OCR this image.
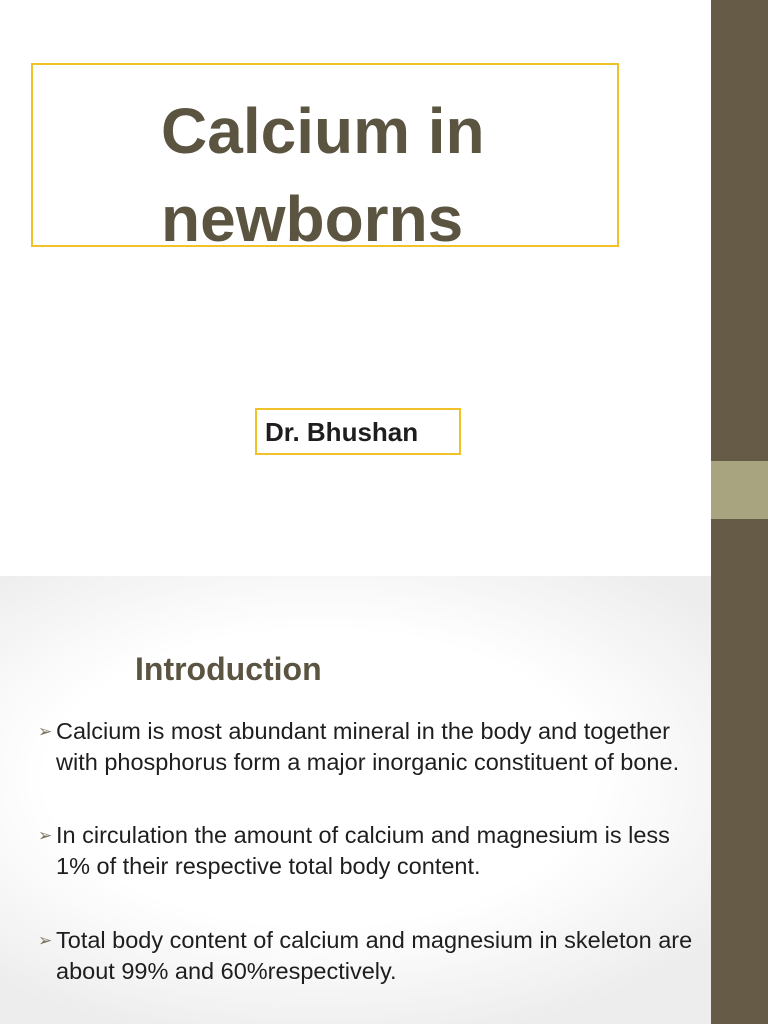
Calcium in
newborns
Dr. Bhushan
Introduction
➢ Calcium is most abundant mineral in the body and together with phosphorus form a major inorganic constituent of bone.
➢ In circulation the amount of calcium and magnesium is less 1% of their respective total body content.
➢ Total body content of calcium and magnesium in skeleton are about 99% and 60%respectively.
